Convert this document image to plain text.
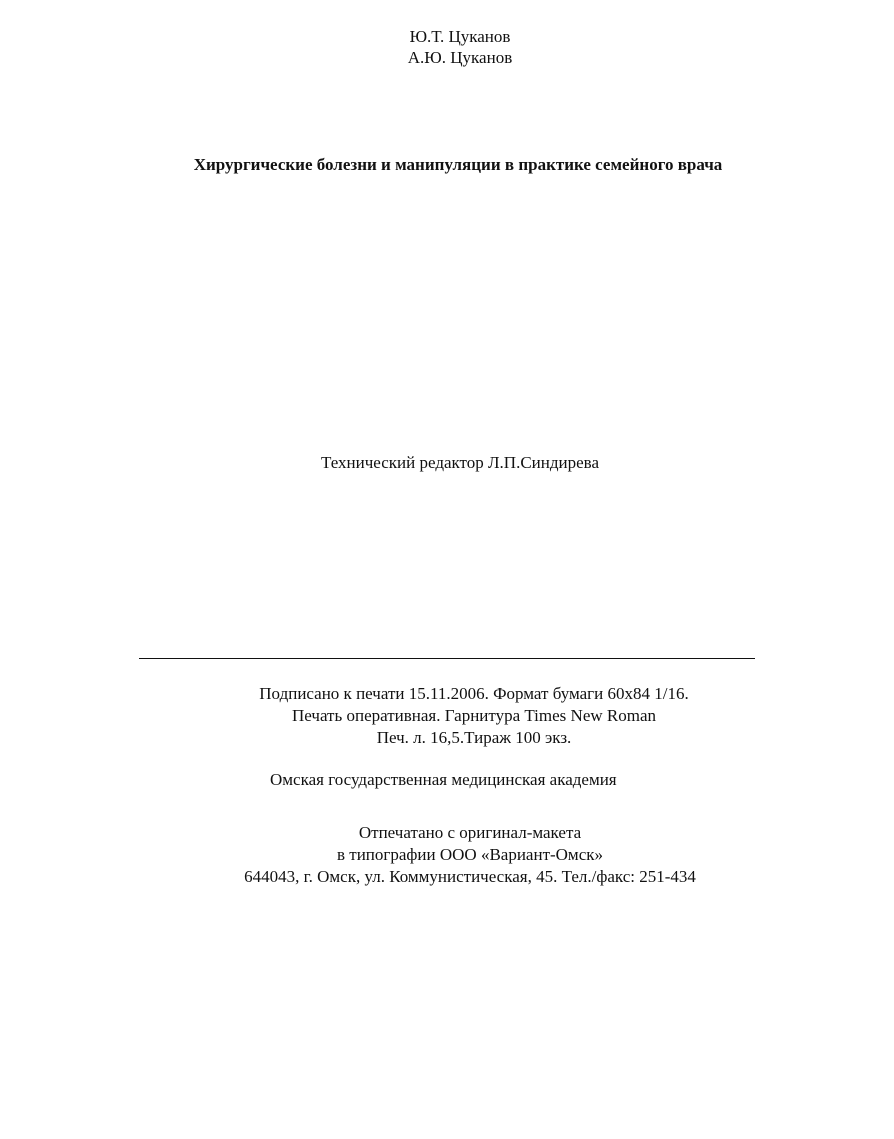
Ю.Т. Цуканов
А.Ю. Цуканов
Хирургические болезни и манипуляции в практике семейного врача
Технический редактор Л.П.Синдирева
Подписано к печати 15.11.2006. Формат бумаги 60x84 1/16.
Печать оперативная. Гарнитура Times New Roman
Печ. л. 16,5.Тираж 100 экз.
Омская государственная медицинская академия
Отпечатано с оригинал-макета
в типографии ООО «Вариант-Омск»
644043, г. Омск, ул. Коммунистическая, 45. Тел./факс: 251-434
